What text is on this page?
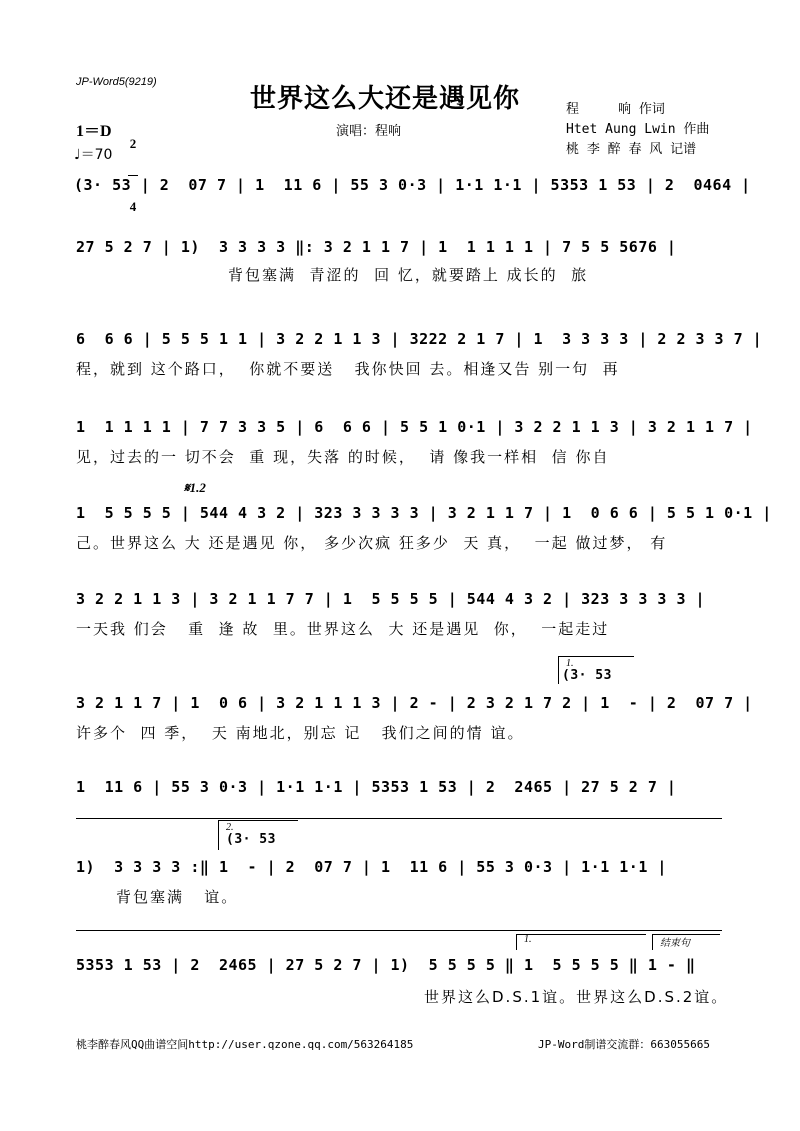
JP-Word5(9219)
世界这么大还是遇见你
演唱：程响
程　　　响 作词
Htet Aung Lwin 作曲
桃 李 醉 春 风 记谱
1＝D

2

4

♩＝70
(3· 53 | 2  07 7 | 1  11 6 | 55 3 0·3 | 1·1 1·1 | 5353 1 53 | 2  0464 |
27 5 2 7 | 1)  3 3 3 3 ‖: 3 2 1 1 7 | 1  1 1 1 1 | 7 5 5 5676 |
背包塞满  青涩的  回 忆，就要踏上 成长的  旅
6  6 6 | 5 5 5 1 1 | 3 2 2 1 1 3 | 3222 2 1 7 | 1  3 3 3 3 | 2 2 3 3 7 |
程，就到 这个路口，  你就不要送   我你快回 去。相逢又告 别一句  再
1  1 1 1 1 | 7 7 3 3 5 | 6  6 6 | 5 5 1 0·1 | 3 2 2 1 1 3 | 3 2 1 1 7 |
见，过去的一 切不会  重 现，失落 的时候，  请 像我一样相  信 你自
𝄋1.2
1  5 5 5 5 | 544 4 3 2 | 323 3 3 3 3 | 3 2 1 1 7 | 1  0 6 6 | 5 5 1 0·1 |
己。世界这么 大 还是遇见 你， 多少次疯 狂多少  天 真，  一起 做过梦， 有
3 2 2 1 1 3 | 3 2 1 1 7 7 | 1  5 5 5 5 | 544 4 3 2 | 323 3 3 3 3 |
一天我 们会   重  逢 故  里。世界这么  大 还是遇见  你，  一起走过
1.
(3· 53
3 2 1 1 7 | 1  0 6 | 3 2 1 1 1 3 | 2 - | 2 3 2 1 7 2 | 1  - | 2  07 7 |
许多个  四 季，  天 南地北，别忘 记   我们之间的情 谊。
1  11 6 | 55 3 0·3 | 1·1 1·1 | 5353 1 53 | 2  2465 | 27 5 2 7 |
2.
(3· 53
1)  3 3 3 3 :‖ 1  - | 2  07 7 | 1  11 6 | 55 3 0·3 | 1·1 1·1 |
背包塞满   谊。
1.	结束句
5353 1 53 | 2  2465 | 27 5 2 7 | 1)  5 5 5 5 ‖ 1  5 5 5 5 ‖ 1 - ‖
世界这么D.S.1谊。世界这么D.S.2谊。
桃李醉春风QQ曲谱空间http://user.qzone.qq.com/563264185	JP-Word制谱交流群：663055665
